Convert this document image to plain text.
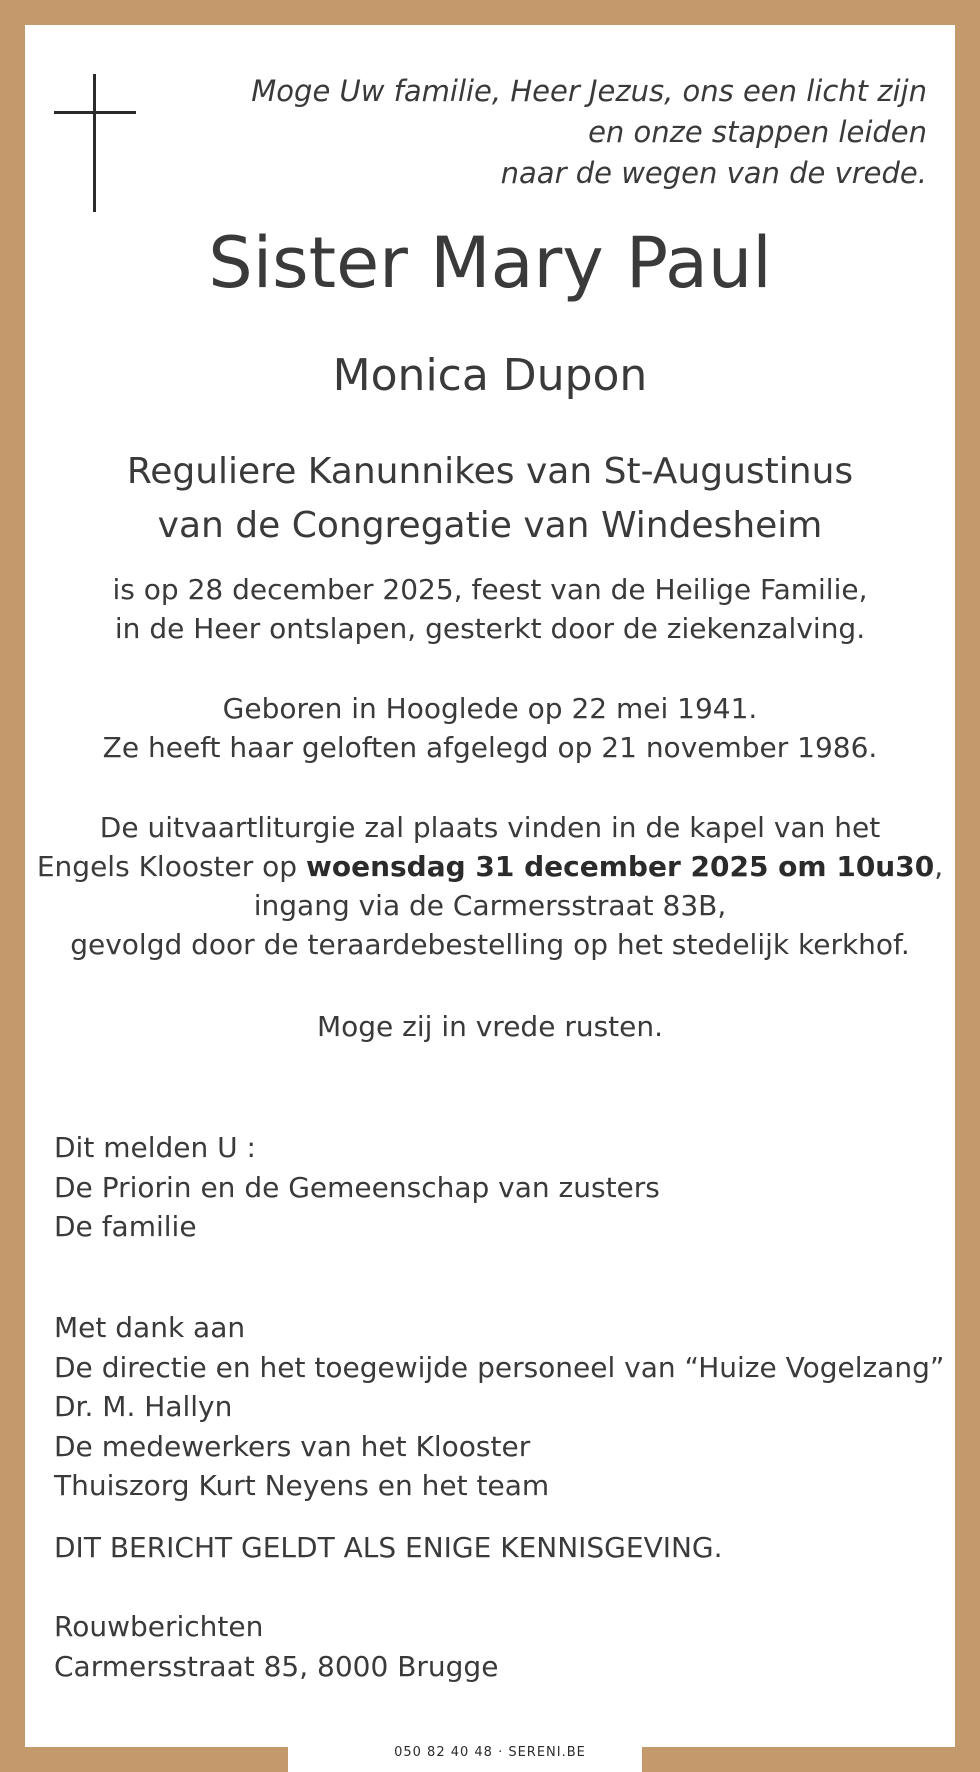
Moge Uw familie, Heer Jezus, ons een licht zijn
en onze stappen leiden
naar de wegen van de vrede.
Sister Mary Paul
Monica Dupon
Reguliere Kanunnikes van St-Augustinus
van de Congregatie van Windesheim
is op 28 december 2025, feest van de Heilige Familie,
in de Heer ontslapen, gesterkt door de ziekenzalving.
Geboren in Hooglede op 22 mei 1941.
Ze heeft haar geloften afgelegd op 21 november 1986.
De uitvaartliturgie zal plaats vinden in de kapel van het
Engels Klooster op woensdag 31 december 2025 om 10u30,
ingang via de Carmersstraat 83B,
gevolgd door de teraardebestelling op het stedelijk kerkhof.
Moge zij in vrede rusten.
Dit melden U :
De Priorin en de Gemeenschap van zusters
De familie
Met dank aan
De directie en het toegewijde personeel van “Huize Vogelzang”
Dr. M. Hallyn
De medewerkers van het Klooster
Thuiszorg Kurt Neyens en het team
DIT BERICHT GELDT ALS ENIGE KENNISGEVING.
Rouwberichten
Carmersstraat 85, 8000 Brugge
050 82 40 48 · SERENI.BE
